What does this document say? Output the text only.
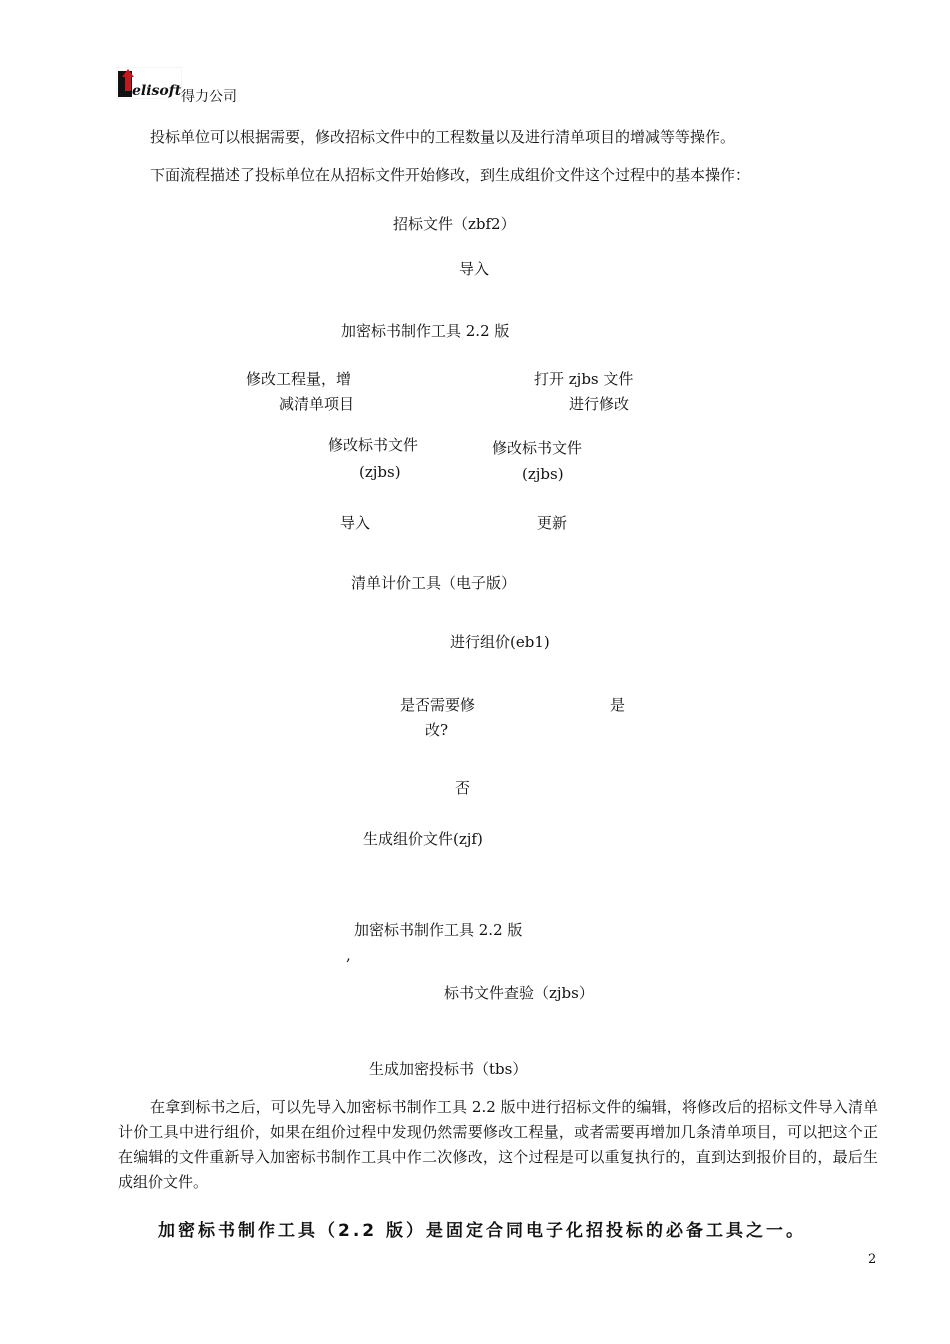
elisoft 得力公司
投标单位可以根据需要，修改招标文件中的工程数量以及进行清单项目的增减等等操作。
下面流程描述了投标单位在从招标文件开始修改，到生成组价文件这个过程中的基本操作：
招标文件（zbf2）
导入
加密标书制作工具 2.2 版
修改工程量，增
减清单项目
打开 zjbs 文件
进行修改
修改标书文件
(zjbs)
修改标书文件
(zjbs)
导入	更新
清单计价工具（电子版）
进行组价(eb1)
是否需要修
改?
是
否
生成组价文件(zjf)
加密标书制作工具 2.2 版
,
标书文件查验（zjbs）
生成加密投标书（tbs）
在拿到标书之后，可以先导入加密标书制作工具 2.2 版中进行招标文件的编辑，将修改后的招标文件导入清单计价工具中进行组价，如果在组价过程中发现仍然需要修改工程量，或者需要再增加几条清单项目，可以把这个正在编辑的文件重新导入加密标书制作工具中作二次修改，这个过程是可以重复执行的，直到达到报价目的，最后生成组价文件。
加密标书制作工具（2.2 版）是固定合同电子化招投标的必备工具之一。
2
